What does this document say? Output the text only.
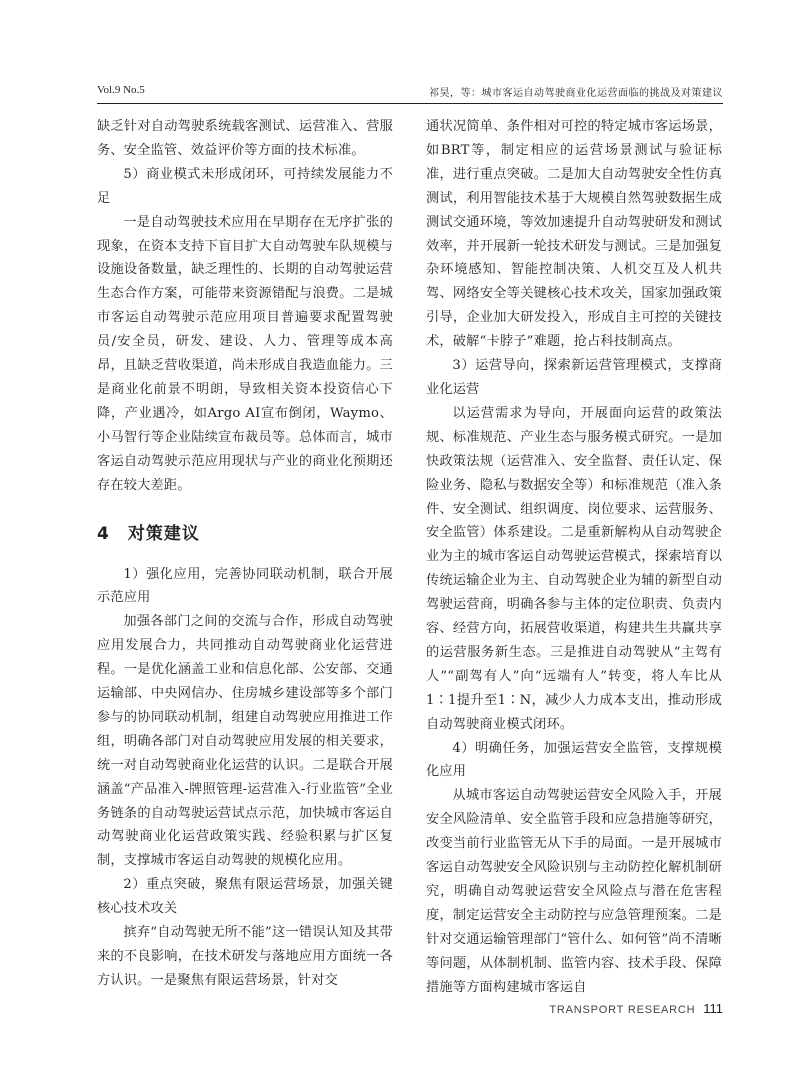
Vol.9 No.5	祁昊，等：城市客运自动驾驶商业化运营面临的挑战及对策建议

缺乏针对自动驾驶系统载客测试、运营准入、营服务、安全监管、效益评价等方面的技术标准。

5）商业模式未形成闭环，可持续发展能力不足

一是自动驾驶技术应用在早期存在无序扩张的现象，在资本支持下盲目扩大自动驾驶车队规模与设施设备数量，缺乏理性的、长期的自动驾驶运营生态合作方案，可能带来资源错配与浪费。二是城市客运自动驾驶示范应用项目普遍要求配置驾驶员/安全员，研发、建设、人力、管理等成本高昂，且缺乏营收渠道，尚未形成自我造血能力。三是商业化前景不明朗，导致相关资本投资信心下降，产业遇冷，如Argo AI宣布倒闭，Waymo、小马智行等企业陆续宣布裁员等。总体而言，城市客运自动驾驶示范应用现状与产业的商业化预期还存在较大差距。

4 对策建议

1）强化应用，完善协同联动机制，联合开展示范应用

加强各部门之间的交流与合作，形成自动驾驶应用发展合力，共同推动自动驾驶商业化运营进程。一是优化涵盖工业和信息化部、公安部、交通运输部、中央网信办、住房城乡建设部等多个部门参与的协同联动机制，组建自动驾驶应用推进工作组，明确各部门对自动驾驶应用发展的相关要求，统一对自动驾驶商业化运营的认识。二是联合开展涵盖“产品准入-牌照管理-运营准入-行业监管”全业务链条的自动驾驶运营试点示范，加快城市客运自动驾驶商业化运营政策实践、经验积累与扩区复制，支撑城市客运自动驾驶的规模化应用。

2）重点突破，聚焦有限运营场景，加强关键核心技术攻关

摈弃“自动驾驶无所不能”这一错误认知及其带来的不良影响，在技术研发与落地应用方面统一各方认识。一是聚焦有限运营场景，针对交

通状况简单、条件相对可控的特定城市客运场景，如BRT等，制定相应的运营场景测试与验证标准，进行重点突破。二是加大自动驾驶安全性仿真测试，利用智能技术基于大规模自然驾驶数据生成测试交通环境，等效加速提升自动驾驶研发和测试效率，并开展新一轮技术研发与测试。三是加强复杂环境感知、智能控制决策、人机交互及人机共驾、网络安全等关键核心技术攻关，国家加强政策引导，企业加大研发投入，形成自主可控的关键技术，破解“卡脖子”难题，抢占科技制高点。

3）运营导向，探索新运营管理模式，支撑商业化运营

以运营需求为导向，开展面向运营的政策法规、标准规范、产业生态与服务模式研究。一是加快政策法规（运营准入、安全监督、责任认定、保险业务、隐私与数据安全等）和标准规范（准入条件、安全测试、组织调度、岗位要求、运营服务、安全监管）体系建设。二是重新解构从自动驾驶企业为主的城市客运自动驾驶运营模式，探索培育以传统运输企业为主、自动驾驶企业为辅的新型自动驾驶运营商，明确各参与主体的定位职责、负责内容、经营方向，拓展营收渠道，构建共生共赢共享的运营服务新生态。三是推进自动驾驶从“主驾有人”“副驾有人”向“远端有人”转变，将人车比从1∶1提升至1∶N，减少人力成本支出，推动形成自动驾驶商业模式闭环。

4）明确任务，加强运营安全监管，支撑规模化应用

从城市客运自动驾驶运营安全风险入手，开展安全风险清单、安全监管手段和应急措施等研究，改变当前行业监管无从下手的局面。一是开展城市客运自动驾驶安全风险识别与主动防控化解机制研究，明确自动驾驶运营安全风险点与潜在危害程度，制定运营安全主动防控与应急管理预案。二是针对交通运输管理部门“管什么、如何管”尚不清晰等问题，从体制机制、监管内容、技术手段、保障措施等方面构建城市客运自

TRANSPORT RESEARCH 111
